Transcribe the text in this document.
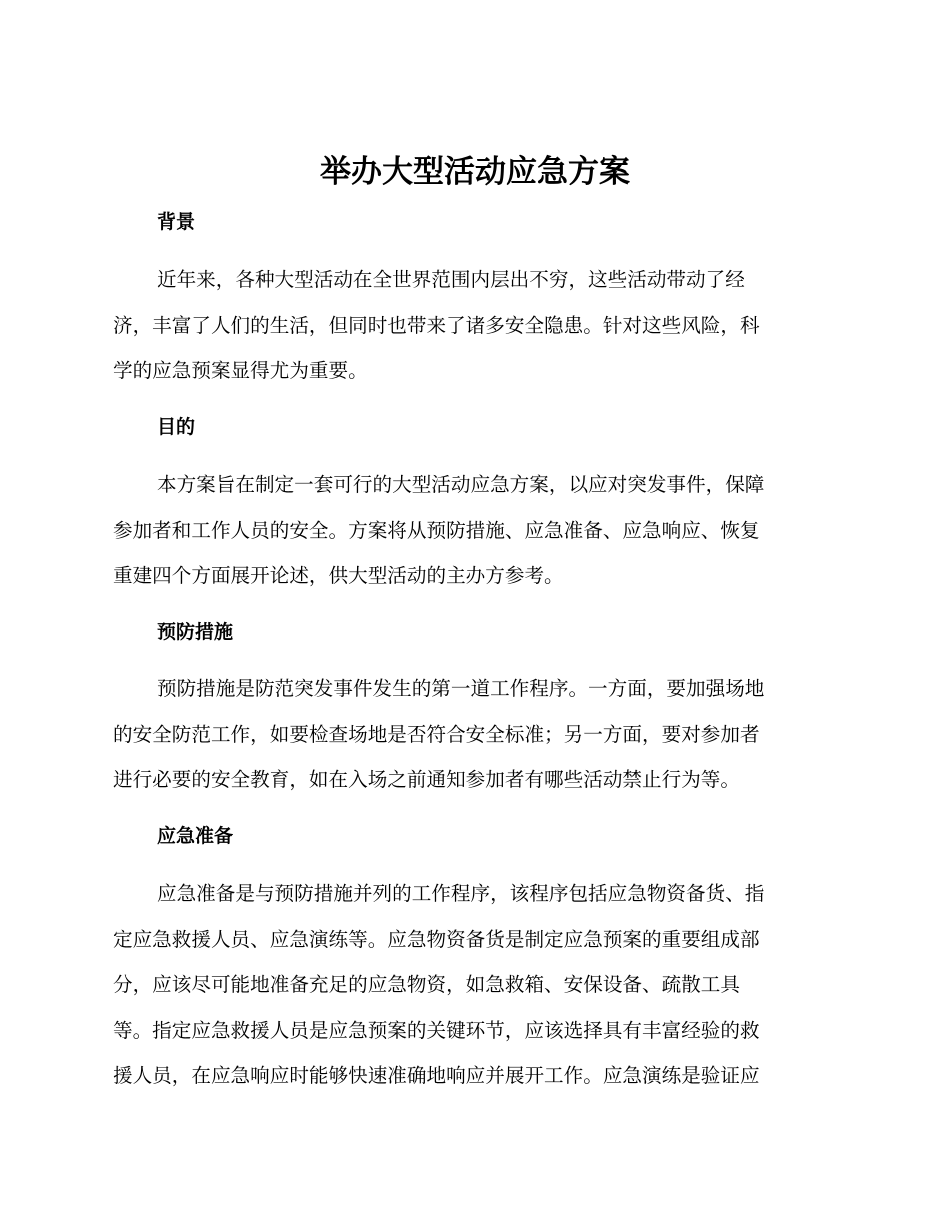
举办大型活动应急方案
背景
近年来，各种大型活动在全世界范围内层出不穷，这些活动带动了经
济，丰富了人们的生活，但同时也带来了诸多安全隐患。针对这些风险，科
学的应急预案显得尤为重要。
目的
本方案旨在制定一套可行的大型活动应急方案，以应对突发事件，保障
参加者和工作人员的安全。方案将从预防措施、应急准备、应急响应、恢复
重建四个方面展开论述，供大型活动的主办方参考。
预防措施
预防措施是防范突发事件发生的第一道工作程序。一方面，要加强场地
的安全防范工作，如要检查场地是否符合安全标准；另一方面，要对参加者
进行必要的安全教育，如在入场之前通知参加者有哪些活动禁止行为等。
应急准备
应急准备是与预防措施并列的工作程序，该程序包括应急物资备货、指
定应急救援人员、应急演练等。应急物资备货是制定应急预案的重要组成部
分，应该尽可能地准备充足的应急物资，如急救箱、安保设备、疏散工具
等。指定应急救援人员是应急预案的关键环节，应该选择具有丰富经验的救
援人员，在应急响应时能够快速准确地响应并展开工作。应急演练是验证应
